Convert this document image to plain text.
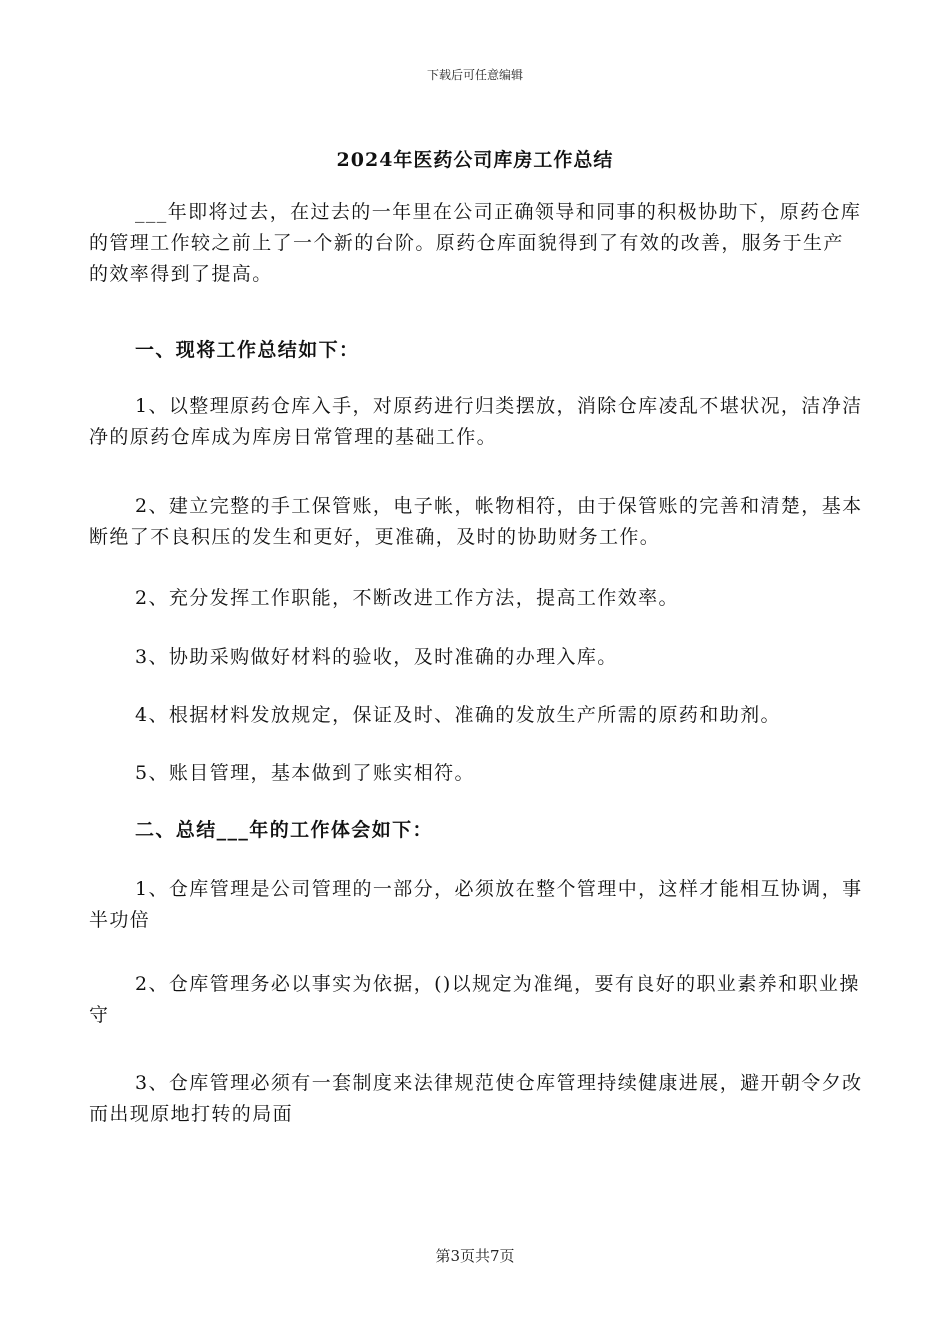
下载后可任意编辑
2024年医药公司库房工作总结

___年即将过去，在过去的一年里在公司正确领导和同事的积极协助下，原药仓库的管理工作较之前上了一个新的台阶。原药仓库面貌得到了有效的改善，服务于生产的效率得到了提高。

一、现将工作总结如下：

1、以整理原药仓库入手，对原药进行归类摆放，消除仓库凌乱不堪状况，洁净洁净的原药仓库成为库房日常管理的基础工作。

2、建立完整的手工保管账，电子帐，帐物相符，由于保管账的完善和清楚，基本断绝了不良积压的发生和更好，更准确，及时的协助财务工作。

2、充分发挥工作职能，不断改进工作方法，提高工作效率。

3、协助采购做好材料的验收，及时准确的办理入库。

4、根据材料发放规定，保证及时、准确的发放生产所需的原药和助剂。

5、账目管理，基本做到了账实相符。

二、总结___年的工作体会如下：

1、仓库管理是公司管理的一部分，必须放在整个管理中，这样才能相互协调，事半功倍

2、仓库管理务必以事实为依据，()以规定为准绳，要有良好的职业素养和职业操守

3、仓库管理必须有一套制度来法律规范使仓库管理持续健康进展，避开朝令夕改而出现原地打转的局面

第3页共7页
